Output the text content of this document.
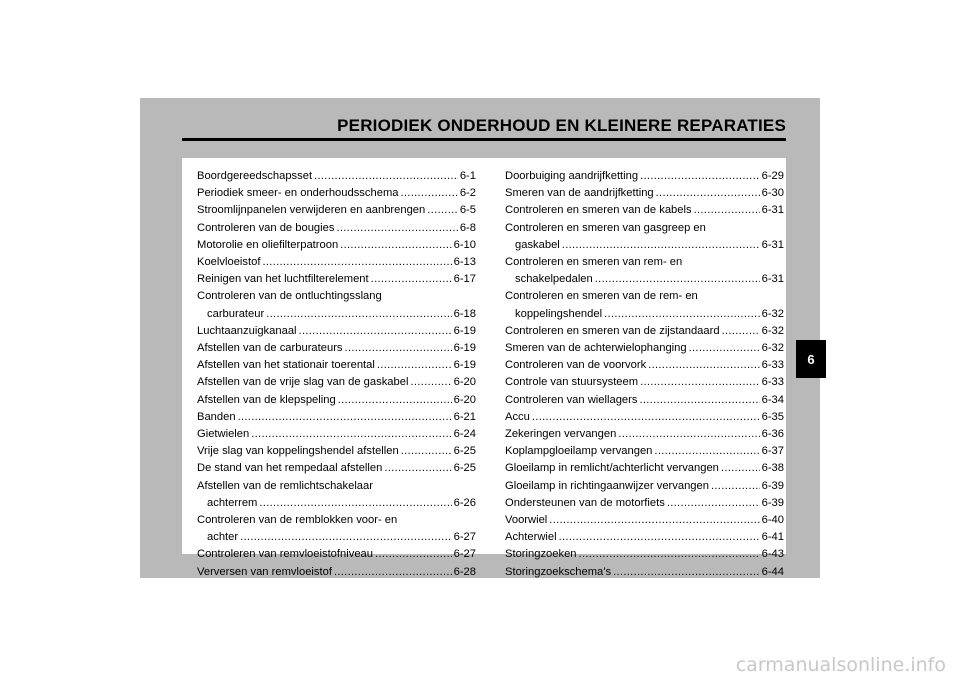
PERIODIEK ONDERHOUD EN KLEINERE REPARATIES
Boordgereedschapsset .....	6-1
Periodiek smeer- en onderhoudsschema .....	6-2
Stroomlijnpanelen verwijderen en aanbrengen .....	6-5
Controleren van de bougies .....	6-8
Motorolie en oliefilterpatroon .....	6-10
Koelvloeistof .....	6-13
Reinigen van het luchtfilterelement .....	6-17
Controleren van de ontluchtingsslang
carburateur .....	6-18
Luchtaanzuigkanaal .....	6-19
Afstellen van de carburateurs .....	6-19
Afstellen van het stationair toerental .....	6-19
Afstellen van de vrije slag van de gaskabel .....	6-20
Afstellen van de klepspeling .....	6-20
Banden .....	6-21
Gietwielen .....	6-24
Vrije slag van koppelingshendel afstellen .....	6-25
De stand van het rempedaal afstellen .....	6-25
Afstellen van de remlichtschakelaar
achterrem .....	6-26
Controleren van de remblokken voor- en
achter .....	6-27
Controleren van remvloeistofniveau .....	6-27
Verversen van remvloeistof .....	6-28
Doorbuiging aandrijfketting .....	6-29
Smeren van de aandrijfketting .....	6-30
Controleren en smeren van de kabels .....	6-31
Controleren en smeren van gasgreep en
gaskabel .....	6-31
Controleren en smeren van rem- en
schakelpedalen .....	6-31
Controleren en smeren van de rem- en
koppelingshendel .....	6-32
Controleren en smeren van de zijstandaard .....	6-32
Smeren van de achterwielophanging .....	6-32
Controleren van de voorvork .....	6-33
Controle van stuursysteem .....	6-33
Controleren van wiellagers .....	6-34
Accu .....	6-35
Zekeringen vervangen .....	6-36
Koplampgloeilamp vervangen .....	6-37
Gloeilamp in remlicht/achterlicht vervangen .....	6-38
Gloeilamp in richtingaanwijzer vervangen .....	6-39
Ondersteunen van de motorfiets .....	6-39
Voorwiel .....	6-40
Achterwiel .....	6-41
Storingzoeken .....	6-43
Storingzoekschema’s .....	6-44
6
carmanualsonline.info
